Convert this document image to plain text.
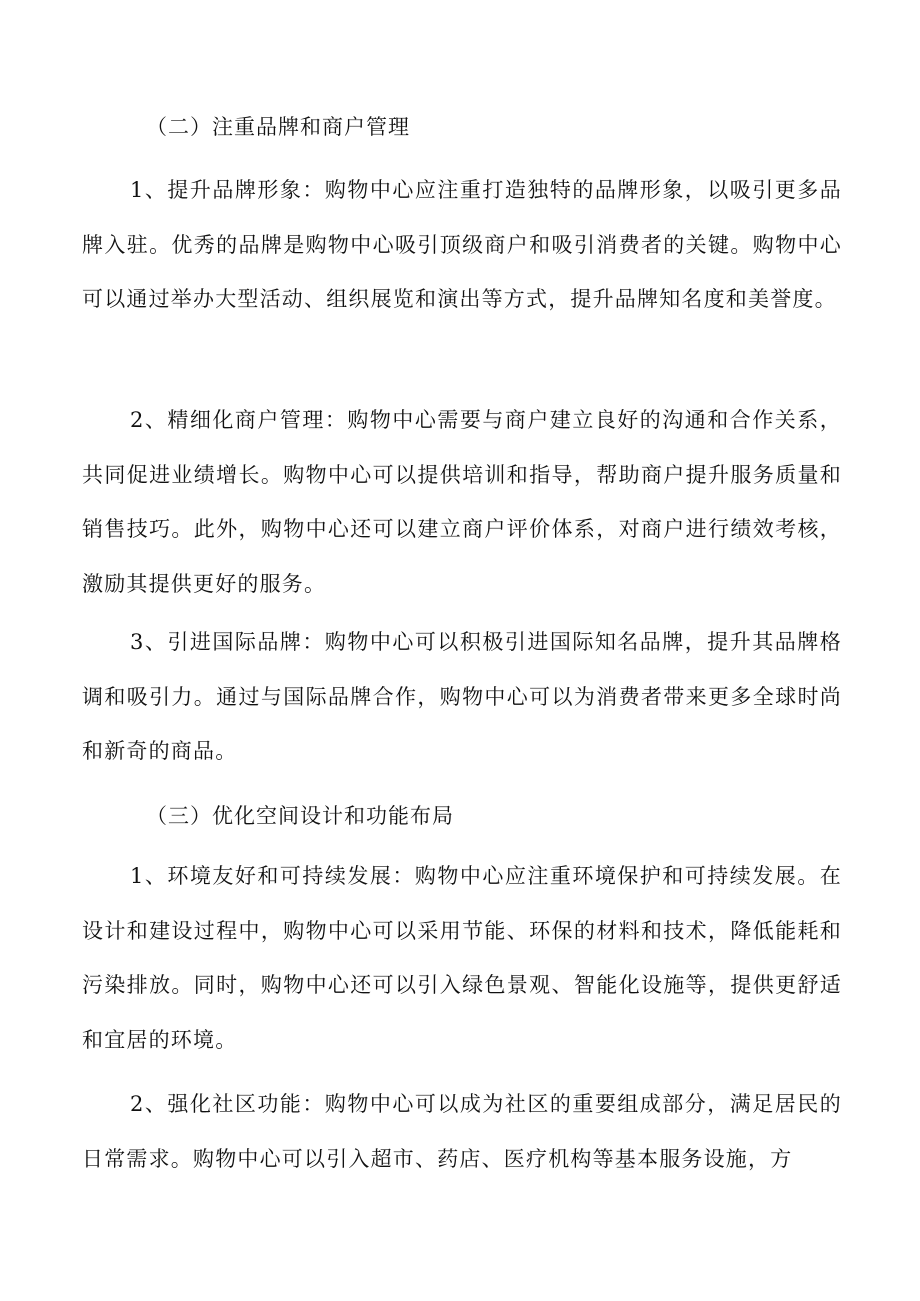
（二）注重品牌和商户管理

1、提升品牌形象：购物中心应注重打造独特的品牌形象，以吸引更多品牌入驻。优秀的品牌是购物中心吸引顶级商户和吸引消费者的关键。购物中心可以通过举办大型活动、组织展览和演出等方式，提升品牌知名度和美誉度。

2、精细化商户管理：购物中心需要与商户建立良好的沟通和合作关系，共同促进业绩增长。购物中心可以提供培训和指导，帮助商户提升服务质量和销售技巧。此外，购物中心还可以建立商户评价体系，对商户进行绩效考核，激励其提供更好的服务。

3、引进国际品牌：购物中心可以积极引进国际知名品牌，提升其品牌格调和吸引力。通过与国际品牌合作，购物中心可以为消费者带来更多全球时尚和新奇的商品。

（三）优化空间设计和功能布局

1、环境友好和可持续发展：购物中心应注重环境保护和可持续发展。在设计和建设过程中，购物中心可以采用节能、环保的材料和技术，降低能耗和污染排放。同时，购物中心还可以引入绿色景观、智能化设施等，提供更舒适和宜居的环境。

2、强化社区功能：购物中心可以成为社区的重要组成部分，满足居民的日常需求。购物中心可以引入超市、药店、医疗机构等基本服务设施，方
